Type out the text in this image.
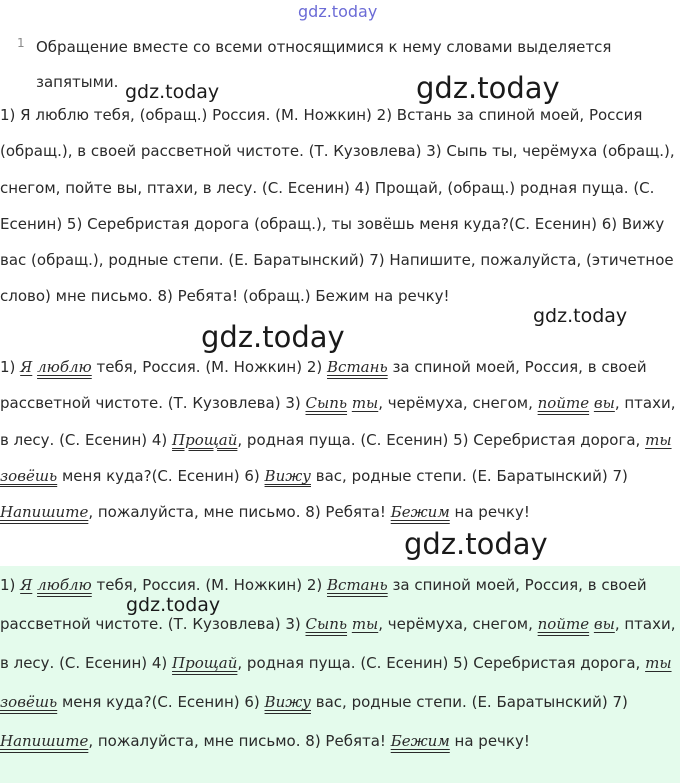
gdz.today
1 Обращение вместе со всеми относящимися к нему словами выделяется запятыми.
1) Я люблю тебя, (обращ.) Россия. (М. Ножкин) 2) Встань за спиной моей, Россия (обращ.), в своей рассветной чистоте. (Т. Кузовлева) 3) Сыпь ты, черёмуха (обращ.), снегом, пойте вы, птахи, в лесу. (С. Есенин) 4) Прощай, (обращ.) родная пуща. (С. Есенин) 5) Серебристая дорога (обращ.), ты зовёшь меня куда?(С. Есенин) 6) Вижу вас (обращ.), родные степи. (Е. Баратынский) 7) Напишите, пожалуйста, (этичетное слово) мне письмо. 8) Ребята! (обращ.) Бежим на речку!
1) Я люблю тебя, Россия. (М. Ножкин) 2) Встань за спиной моей, Россия, в своей рассветной чистоте. (Т. Кузовлева) 3) Сыпь ты, черёмуха, снегом, пойте вы, птахи, в лесу. (С. Есенин) 4) Прощай, родная пуща. (С. Есенин) 5) Серебристая дорога, ты зовёшь меня куда?(С. Есенин) 6) Вижу вас, родные степи. (Е. Баратынский) 7) Напишите, пожалуйста, мне письмо. 8) Ребята! Бежим на речку!
1) Я люблю тебя, Россия. (М. Ножкин) 2) Встань за спиной моей, Россия, в своей рассветной чистоте. (Т. Кузовлева) 3) Сыпь ты, черёмуха, снегом, пойте вы, птахи, в лесу. (С. Есенин) 4) Прощай, родная пуща. (С. Есенин) 5) Серебристая дорога, ты зовёшь меня куда?(С. Есенин) 6) Вижу вас, родные степи. (Е. Баратынский) 7) Напишите, пожалуйста, мне письмо. 8) Ребята! Бежим на речку!
gdz.today	gdz.today
gdz.today
gdz.today
gdz.today
gdz.today
